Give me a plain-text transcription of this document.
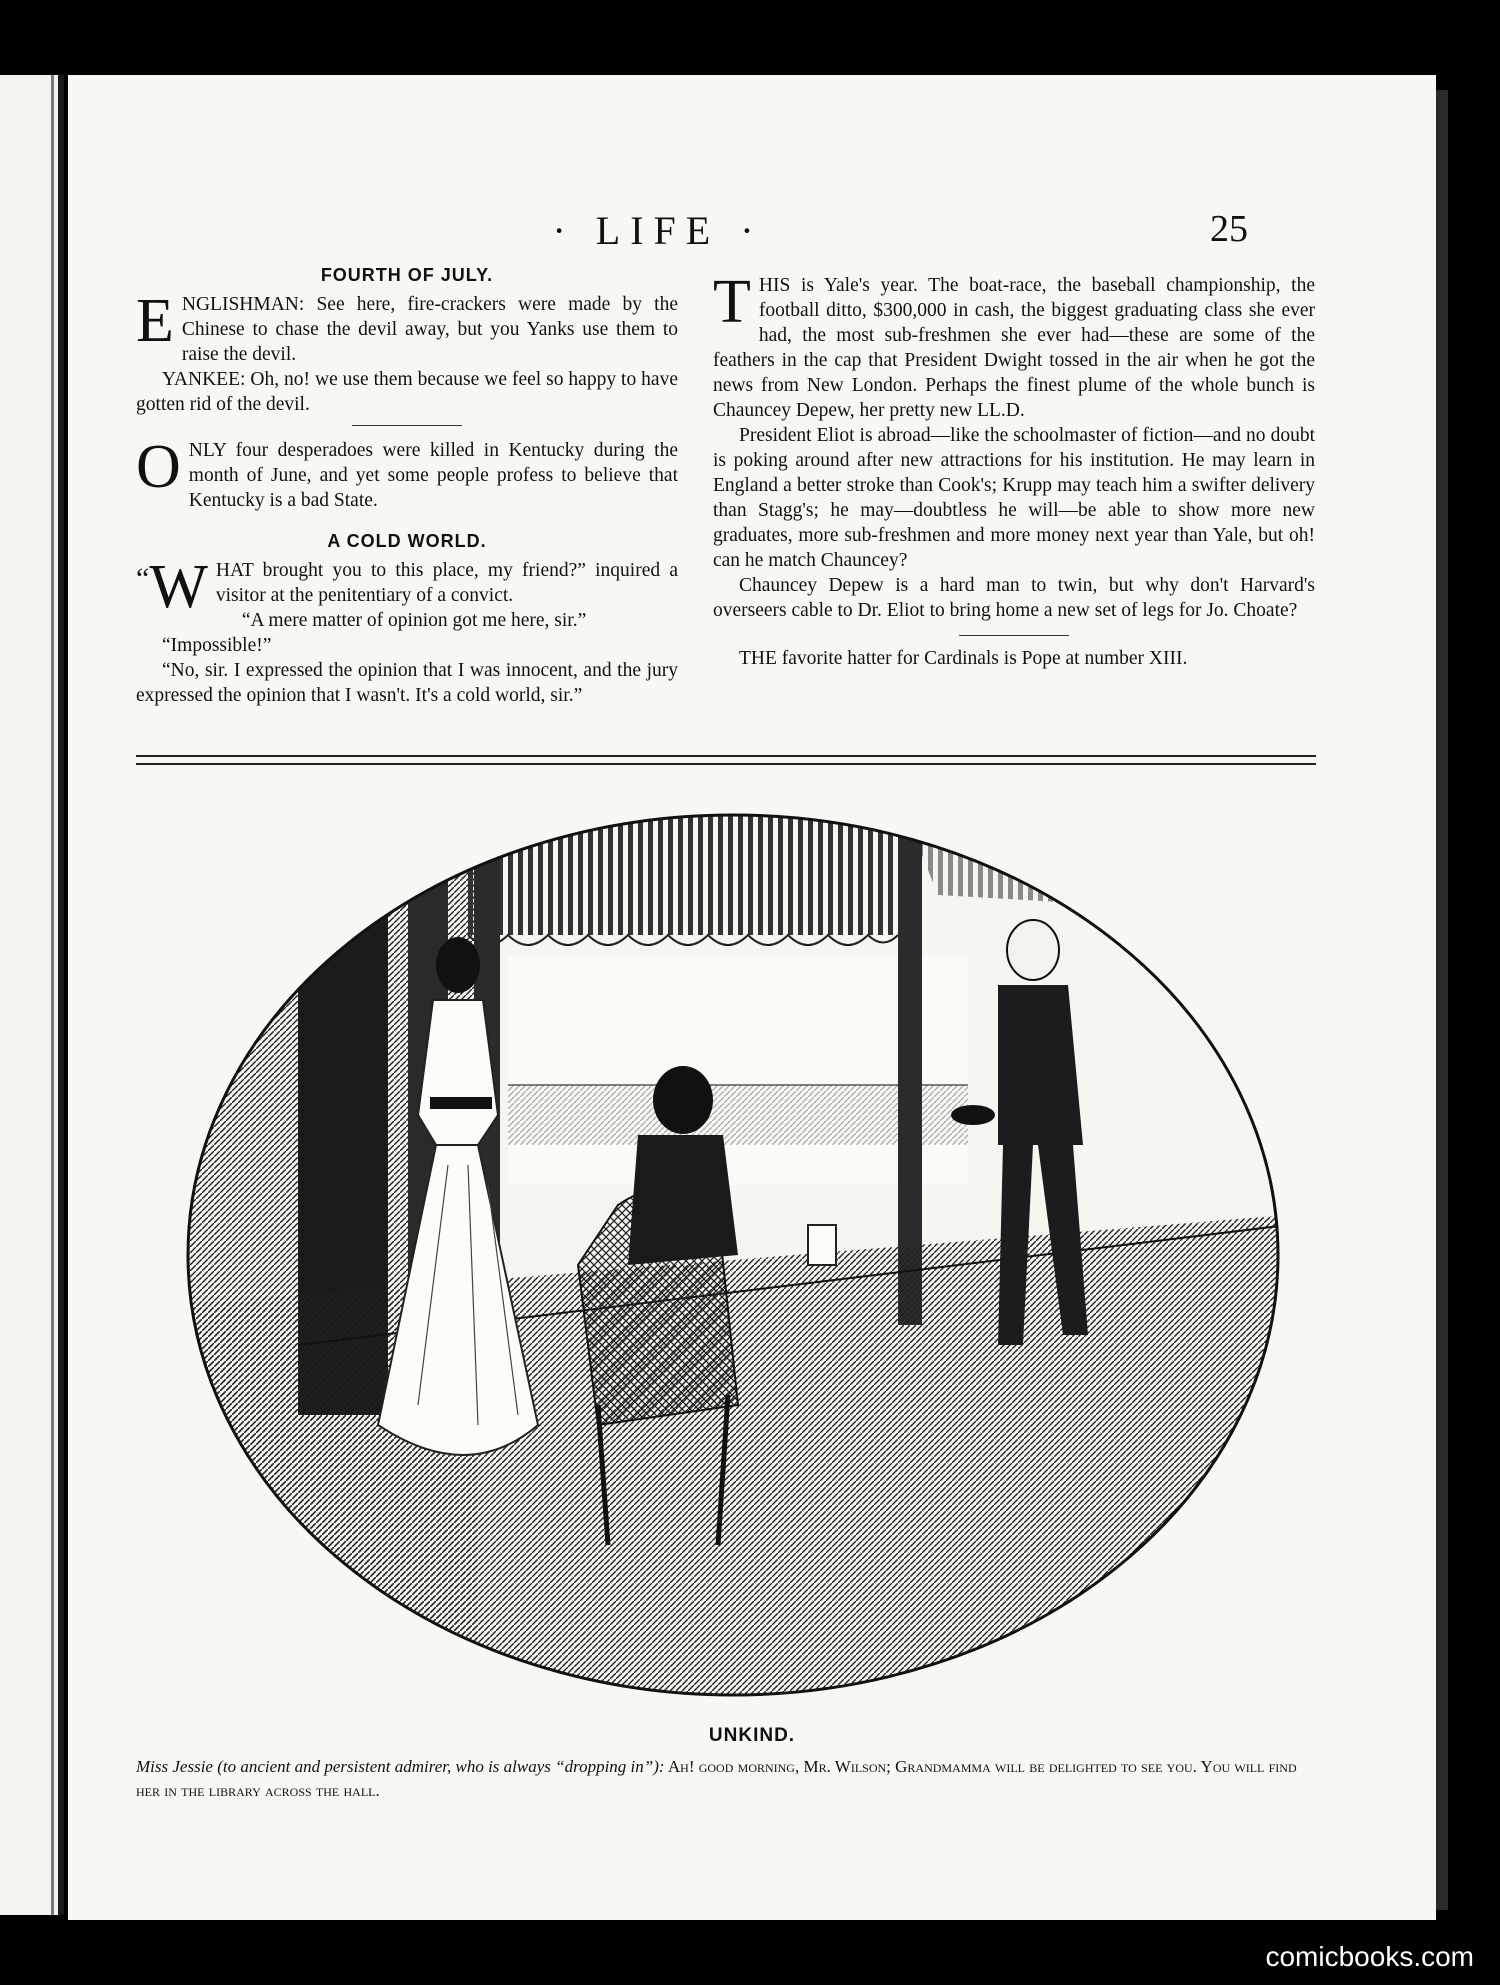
· LIFE ·	25
FOURTH OF JULY.

ENGLISHMAN: See here, fire-crackers were made by the Chinese to chase the devil away, but you Yanks use them to raise the devil.

YANKEE: Oh, no! we use them because we feel so happy to have gotten rid of the devil.

ONLY four desperadoes were killed in Kentucky during the month of June, and yet some people profess to believe that Kentucky is a bad State.

A COLD WORLD.

“ W HAT brought you to this place, my friend?” inquired a visitor at the penitentiary of a convict.

“A mere matter of opinion got me here, sir.”

“Impossible!”

“No, sir. I expressed the opinion that I was innocent, and the jury expressed the opinion that I wasn't. It's a cold world, sir.”

THIS is Yale's year. The boat-race, the baseball championship, the football ditto, $300,000 in cash, the biggest graduating class she ever had, the most sub-freshmen she ever had—these are some of the feathers in the cap that President Dwight tossed in the air when he got the news from New London. Perhaps the finest plume of the whole bunch is Chauncey Depew, her pretty new LL.D.

President Eliot is abroad—like the schoolmaster of fiction—and no doubt is poking around after new attractions for his institution. He may learn in England a better stroke than Cook's; Krupp may teach him a swifter delivery than Stagg's; he may—doubtless he will—be able to show more new graduates, more sub-freshmen and more money next year than Yale, but oh! can he match Chauncey?

Chauncey Depew is a hard man to twin, but why don't Harvard's overseers cable to Dr. Eliot to bring home a new set of legs for Jo. Choate?

THE favorite hatter for Cardinals is Pope at number XIII.

UNKIND.
Miss Jessie (to ancient and persistent admirer, who is always “dropping in”): Ah! good morning, Mr. Wilson; Grandmamma will be delighted to see you. You will find her in the library across the hall.
comicbooks.com
